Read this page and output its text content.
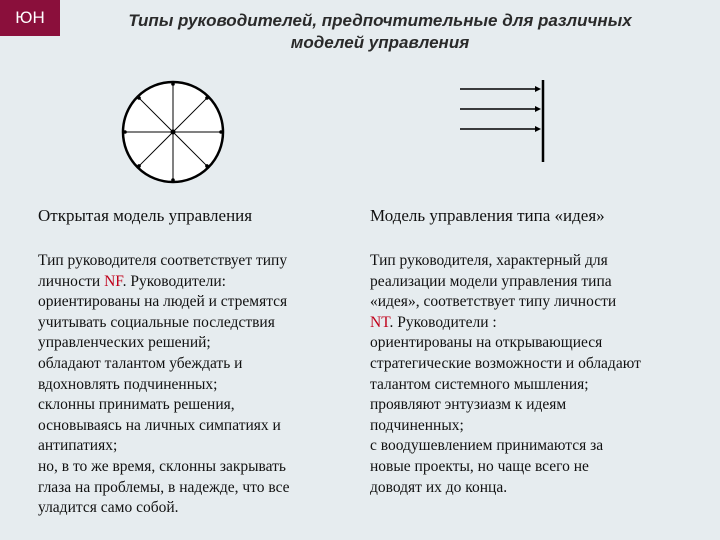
ЮН	Типы руководителей, предпочтительные для различных
моделей управления
Открытая модель управления	Модель управления типа «идея»
Тип руководителя соответствует типу
личности NF. Руководители:
ориентированы на людей и стремятся
учитывать социальные последствия
управленческих решений;
обладают талантом убеждать и
вдохновлять подчиненных;
склонны принимать решения,
основываясь на личных симпатиях и
антипатиях;
но, в то же время, склонны закрывать
глаза на проблемы, в надежде, что все
уладится само собой.
Тип руководителя, характерный для
реализации модели управления типа
«идея», соответствует типу личности
NT. Руководители :
ориентированы на открывающиеся
стратегические возможности и обладают
талантом системного мышления;
проявляют энтузиазм к идеям
подчиненных;
с воодушевлением принимаются за
новые проекты, но чаще всего не
доводят их до конца.
